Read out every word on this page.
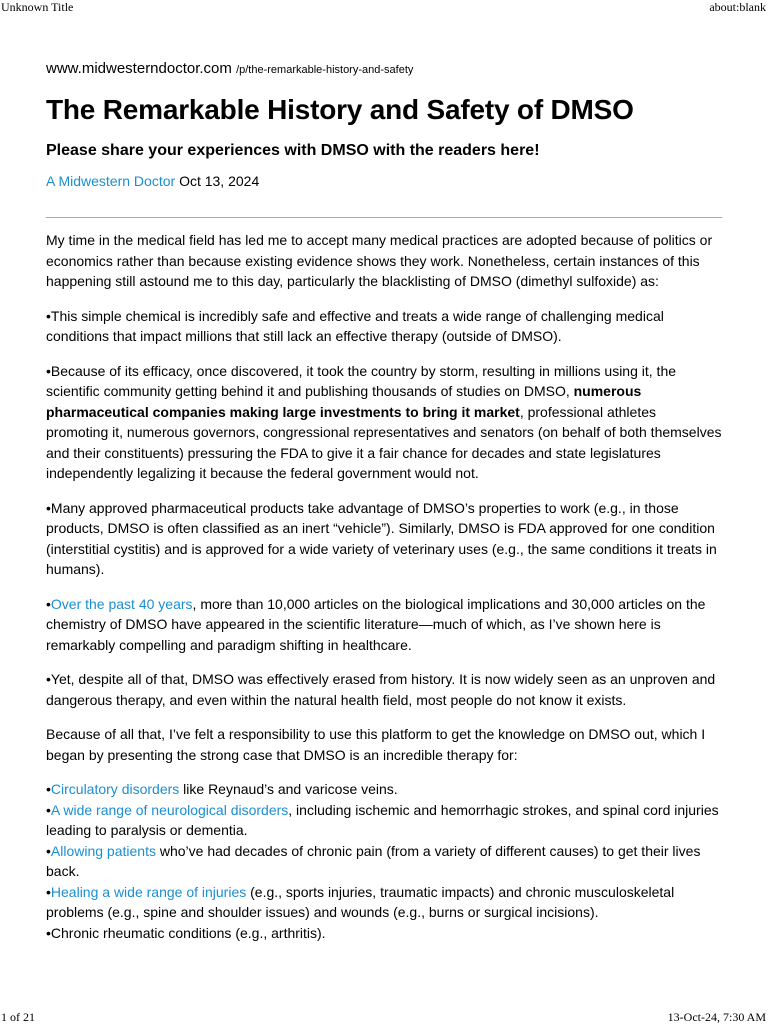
Unknown Title	about:blank
www.midwesterndoctor.com /p/the-remarkable-history-and-safety
The Remarkable History and Safety of DMSO
Please share your experiences with DMSO with the readers here!
A Midwestern Doctor Oct 13, 2024

My time in the medical field has led me to accept many medical practices are adopted because of politics or economics rather than because existing evidence shows they work. Nonetheless, certain instances of this happening still astound me to this day, particularly the blacklisting of DMSO (dimethyl sulfoxide) as:

•This simple chemical is incredibly safe and effective and treats a wide range of challenging medical conditions that impact millions that still lack an effective therapy (outside of DMSO).

•Because of its efficacy, once discovered, it took the country by storm, resulting in millions using it, the scientific community getting behind it and publishing thousands of studies on DMSO, numerous pharmaceutical companies making large investments to bring it market, professional athletes promoting it, numerous governors, congressional representatives and senators (on behalf of both themselves and their constituents) pressuring the FDA to give it a fair chance for decades and state legislatures independently legalizing it because the federal government would not.

•Many approved pharmaceutical products take advantage of DMSO’s properties to work (e.g., in those products, DMSO is often classified as an inert “vehicle”). Similarly, DMSO is FDA approved for one condition (interstitial cystitis) and is approved for a wide variety of veterinary uses (e.g., the same conditions it treats in humans).

•Over the past 40 years, more than 10,000 articles on the biological implications and 30,000 articles on the chemistry of DMSO have appeared in the scientific literature—much of which, as I’ve shown here is remarkably compelling and paradigm shifting in healthcare.

•Yet, despite all of that, DMSO was effectively erased from history. It is now widely seen as an unproven and dangerous therapy, and even within the natural health field, most people do not know it exists.

Because of all that, I’ve felt a responsibility to use this platform to get the knowledge on DMSO out, which I began by presenting the strong case that DMSO is an incredible therapy for:

•Circulatory disorders like Reynaud’s and varicose veins.

•A wide range of neurological disorders, including ischemic and hemorrhagic strokes, and spinal cord injuries leading to paralysis or dementia.

•Allowing patients who’ve had decades of chronic pain (from a variety of different causes) to get their lives back.

•Healing a wide range of injuries (e.g., sports injuries, traumatic impacts) and chronic musculoskeletal problems (e.g., spine and shoulder issues) and wounds (e.g., burns or surgical incisions).

•Chronic rheumatic conditions (e.g., arthritis).

1 of 21	13-Oct-24, 7:30 AM
